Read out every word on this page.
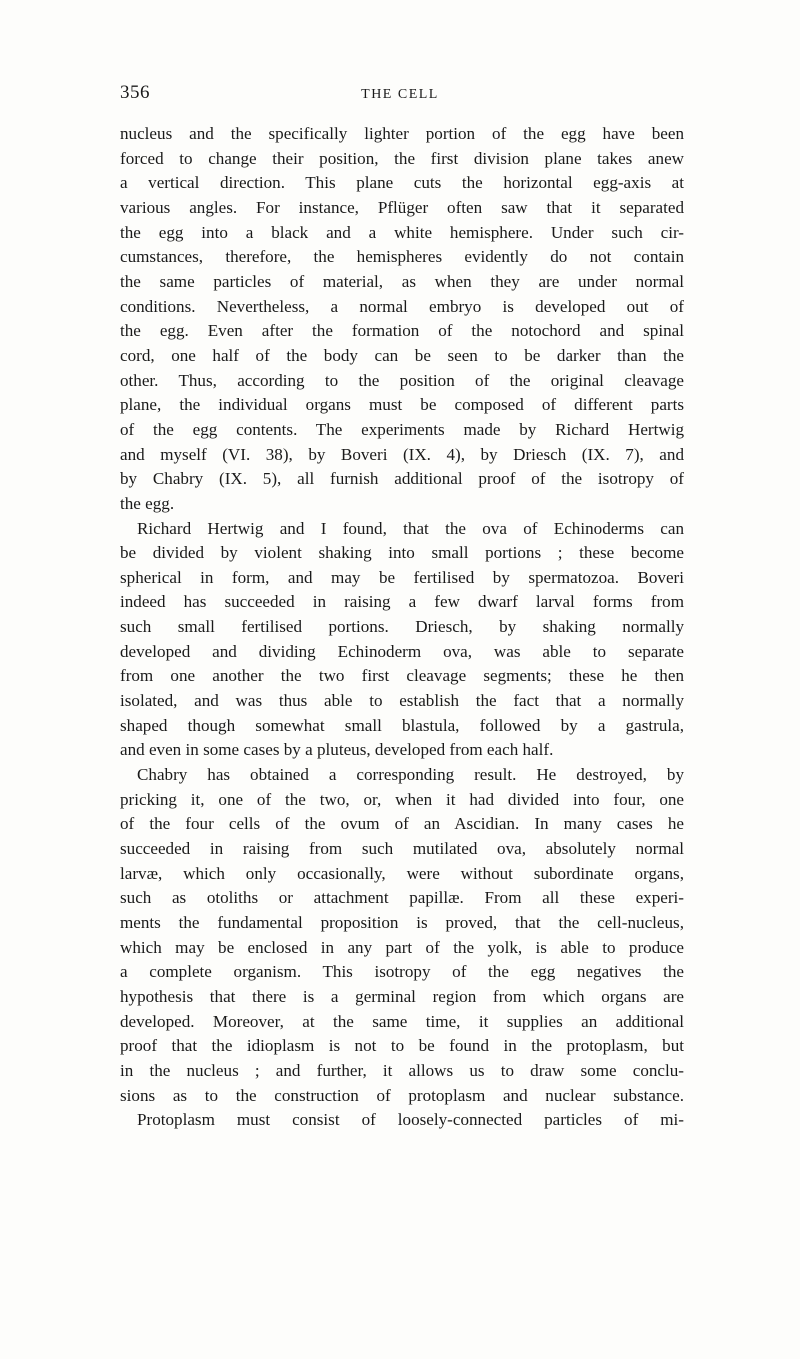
356	THE CELL
nucleus and the specifically lighter portion of the egg have been
forced to change their position, the first division plane takes anew
a vertical direction. This plane cuts the horizontal egg-axis at
various angles. For instance, Pflüger often saw that it separated
the egg into a black and a white hemisphere. Under such cir-
cumstances, therefore, the hemispheres evidently do not contain
the same particles of material, as when they are under normal
conditions. Nevertheless, a normal embryo is developed out of
the egg. Even after the formation of the notochord and spinal
cord, one half of the body can be seen to be darker than the
other. Thus, according to the position of the original cleavage
plane, the individual organs must be composed of different parts
of the egg contents. The experiments made by Richard Hertwig
and myself (VI. 38), by Boveri (IX. 4), by Driesch (IX. 7), and
by Chabry (IX. 5), all furnish additional proof of the isotropy of
the egg.
Richard Hertwig and I found, that the ova of Echinoderms can
be divided by violent shaking into small portions ; these become
spherical in form, and may be fertilised by spermatozoa. Boveri
indeed has succeeded in raising a few dwarf larval forms from
such small fertilised portions. Driesch, by shaking normally
developed and dividing Echinoderm ova, was able to separate
from one another the two first cleavage segments; these he then
isolated, and was thus able to establish the fact that a normally
shaped though somewhat small blastula, followed by a gastrula,
and even in some cases by a pluteus, developed from each half.
Chabry has obtained a corresponding result. He destroyed, by
pricking it, one of the two, or, when it had divided into four, one
of the four cells of the ovum of an Ascidian. In many cases he
succeeded in raising from such mutilated ova, absolutely normal
larvæ, which only occasionally, were without subordinate organs,
such as otoliths or attachment papillæ. From all these experi-
ments the fundamental proposition is proved, that the cell-nucleus,
which may be enclosed in any part of the yolk, is able to produce
a complete organism. This isotropy of the egg negatives the
hypothesis that there is a germinal region from which organs are
developed. Moreover, at the same time, it supplies an additional
proof that the idioplasm is not to be found in the protoplasm, but
in the nucleus ; and further, it allows us to draw some conclu-
sions as to the construction of protoplasm and nuclear substance.
Protoplasm must consist of loosely-connected particles of mi-
